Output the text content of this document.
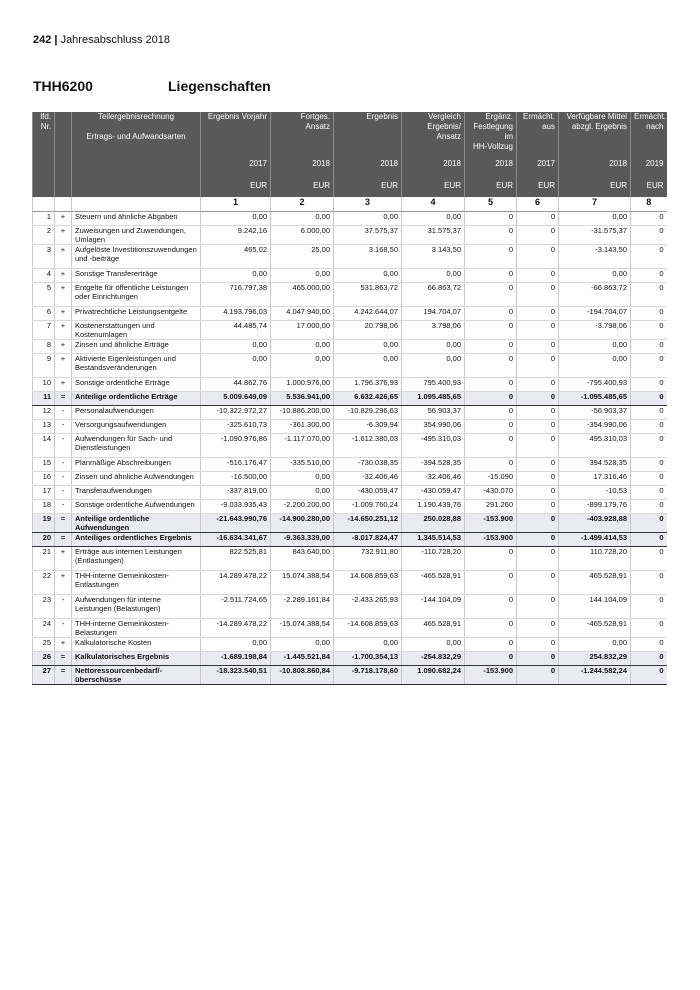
242 | Jahresabschluss 2018
THH6200	Liegenschaften
lfd.
Nr.		Teilergebnisrechnung

Ertrags- und Aufwandsarten	Ergebnis Vorjahr	Fortges.
Ansatz	Ergebnis	Vergleich
Ergebnis/
Ansatz	Ergänz.
Festlegung im
HH-Vollzug	Ermächt.
aus	Verfügbare Mittel
abzgl. Ergebnis	Ermächt.
nach
			2017	2018	2018	2018	2018	2017	2018	2019
			EUR	EUR	EUR	EUR	EUR	EUR	EUR	EUR
			1	2	3	4	5	6	7	8
1	+	Steuern und ähnliche Abgaben	0,00	0,00	0,00	0,00	0	0	0,00	0
2	+	Zuweisungen und Zuwendungen, Umlagen	9.242,16	6.000,00	37.575,37	31.575,37	0	0	-31.575,37	0
3	+	Aufgelöste Investitionszuwendungen und -beiträge	465,02	25,00	3.168,50	3.143,50	0	0	-3.143,50	0
4	+	Sonstige Transfererträge	0,00	0,00	0,00	0,00	0	0	0,00	0
5	+	Entgelte für öffentliche Leistungen oder Einrichtungen	716.797,38	465.000,00	531.863,72	66.863,72	0	0	-66.863,72	0
6	+	Privatrechtliche Leistungsentgelte	4.193.796,03	4.047.940,00	4.242.644,07	194.704,07	0	0	-194.704,07	0
7	+	Kostenerstattungen und Kostenumlagen	44.485,74	17.000,00	20.798,06	3.798,06	0	0	-3.798,06	0
8	+	Zinsen und ähnliche Erträge	0,00	0,00	0,00	0,00	0	0	0,00	0
9	+	Aktivierte Eigenleistungen und Bestandsveränderungen	0,00	0,00	0,00	0,00	0	0	0,00	0
10	+	Sonstige ordentliche Erträge	44.862,76	1.000.976,00	1.796.376,93	795.400,93	0	0	-795.400,93	0
11	=	Anteilige ordentliche Erträge	5.009.649,09	5.536.941,00	6.632.426,65	1.095.485,65	0	0	-1.095.485,65	0
12	-	Personalaufwendungen	-10.322.972,27	-10.886.200,00	-10.829.296,63	56.903,37	0	0	-56.903,37	0
13	-	Versorgungsaufwendungen	-325.610,73	-361.300,00	-6.309,94	354.990,06	0	0	-354.990,06	0
14	-	Aufwendungen für Sach- und Dienstleistungen	-1.090.976,86	-1.117.070,00	-1.612.380,03	-495.310,03	0	0	495.310,03	0
15	-	Planmäßige Abschreibungen	-516.176,47	-335.510,00	-730.038,35	-394.528,35	0	0	394.528,35	0
16	-	Zinsen und ähnliche Aufwendungen	-16.500,00	0,00	-32.406,46	-32.406,46	-15.090	0	17.316,46	0
17	-	Transferaufwendungen	-337.819,00	0,00	-430.059,47	-430.059,47	-430.070	0	-10,53	0
18	-	Sonstige ordentliche Aufwendungen	-9.033.935,43	-2.200.200,00	-1.009.760,24	1.190.439,76	291.260	0	-899.179,76	0
19	=	Anteilige ordentliche Aufwendungen	-21.643.990,76	-14.900.280,00	-14.650.251,12	250.028,88	-153.900	0	-403.928,88	0
20	=	Anteiliges ordentliches Ergebnis	-16.634.341,67	-9.363.339,00	-8.017.824,47	1.345.514,53	-153.900	0	-1.499.414,53	0
21	+	Erträge aus internen Leistungen (Entlastungen)	822.525,81	843.640,00	732.911,80	-110.728,20	0	0	110.728,20	0
22	+	THH-interne Gemeinkosten-Entlastungen	14.289.478,22	15.074.388,54	14.608.859,63	-465.528,91	0	0	465.528,91	0
23	-	Aufwendungen für interne Leistungen (Belastungen)	-2.511.724,65	-2.289.161,84	-2.433.265,93	-144.104,09	0	0	144.104,09	0
24	-	THH-interne Gemeinkosten-Belastungen	-14.289.478,22	-15.074.388,54	-14.608.859,63	465.528,91	0	0	-465.528,91	0
25	+	Kalkulatorische Kosten	0,00	0,00	0,00	0,00	0	0	0,00	0
26	=	Kalkulatorisches Ergebnis	-1.689.198,84	-1.445.521,84	-1.700.354,13	-254.832,29	0	0	254.832,29	0
27	=	Nettoressourcenbedarf/-überschüsse	-18.323.540,51	-10.808.860,84	-9.718.178,60	1.090.682,24	-153.900	0	-1.244.582,24	0
